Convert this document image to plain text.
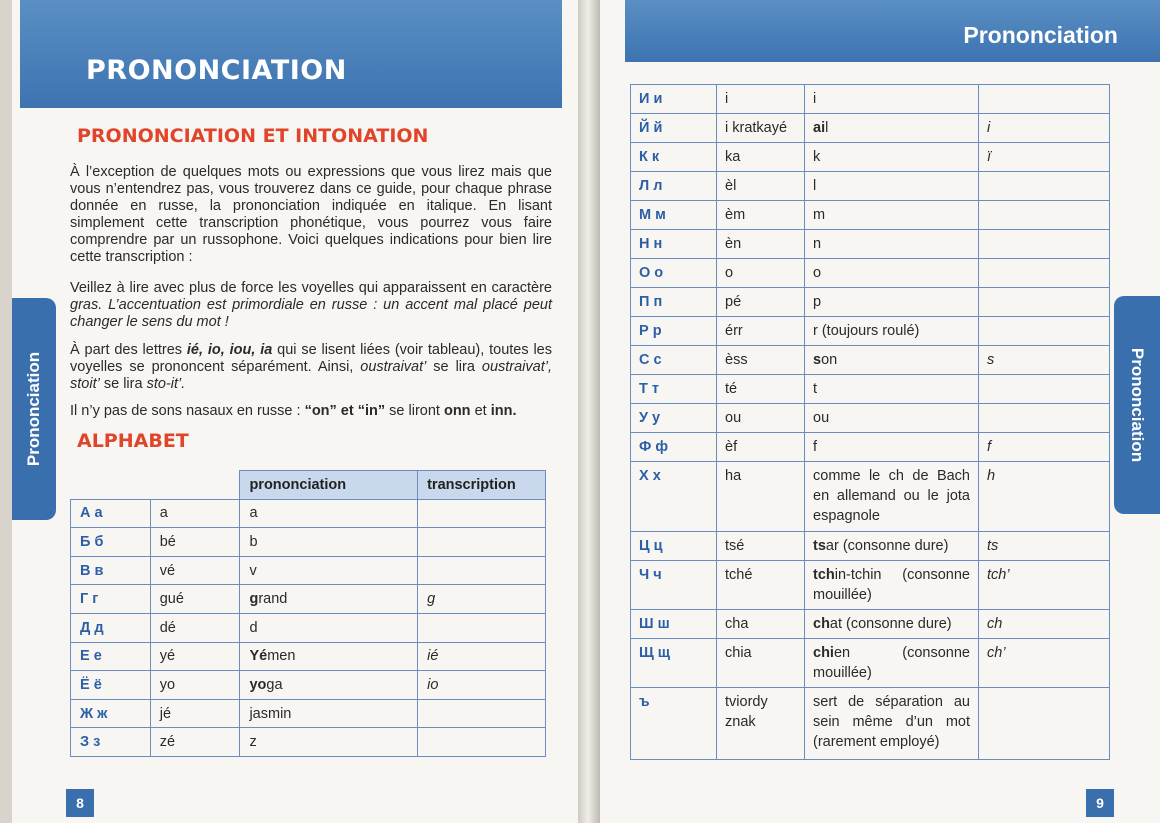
PRONONCIATION
PRONONCIATION ET INTONATION
À l’exception de quelques mots ou expressions que vous lirez mais que vous n’entendrez pas, vous trouverez dans ce guide, pour chaque phrase donnée en russe, la prononciation indiquée en italique. En lisant simplement cette transcription phonétique, vous pourrez vous faire comprendre par un russophone. Voici quelques indications pour bien lire cette transcription :
Veillez à lire avec plus de force les voyelles qui apparaissent en caractère gras. L’accentuation est primordiale en russe : un accent mal placé peut changer le sens du mot !
À part des lettres ié, io, iou, ia qui se lisent liées (voir tableau), toutes les voyelles se prononcent séparément. Ainsi, oustraivat’ se lira oustraivat’, stoit’ se lira sto-it’.
Il n’y pas de sons nasaux en russe : “on” et “in” se liront onn et inn.
ALPHABET
Prononciation
		prononciation	transcription
А а	a	a	
Б б	bé	b	
В в	vé	v	
Г г	gué	grand	g
Д д	dé	d	
Е е	yé	Yémen	ié
Ё ё	yo	yoga	io
Ж ж	jé	jasmin	
З з	zé	z	
8
Prononciation
И и	i	i	
Й й	i kratkayé	ail	i
К к	ka	k	ï
Л л	èl	l	
М м	èm	m	
Н н	èn	n	
О о	o	o	
П п	pé	p	
Р р	érr	r (toujours roulé)	
С с	èss	son	s
Т т	té	t	
У у	ou	ou	
Ф ф	èf	f	f
Х х	ha	comme le ch de Bach en allemand ou le jota espagnole	h
Ц ц	tsé	tsar (consonne dure)	ts
Ч ч	tché	tchin-tchin (consonne mouillée)	tch’
Ш ш	cha	chat (consonne dure)	ch
Щ щ	chia	chien (consonne mouillée)	ch’
ъ	tviordy znak	sert de séparation au sein même d’un mot (rarement employé)	
Prononciation
9
